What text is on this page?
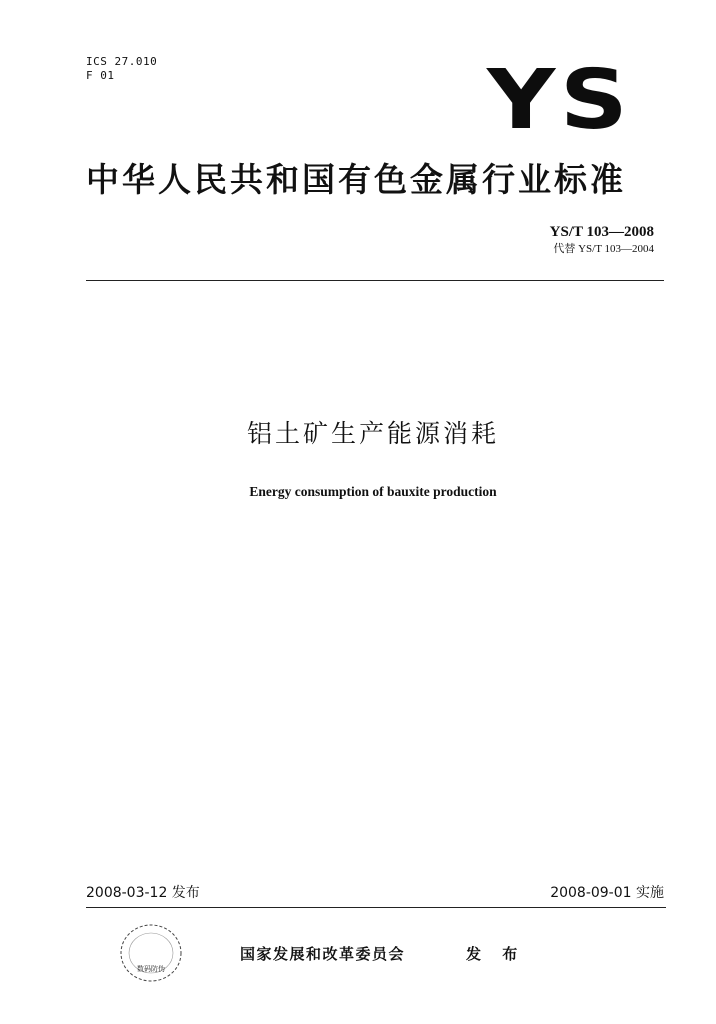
ICS 27.010
F 01	YS
中华人民共和国有色金属行业标准
YS/T 103—2008
代替 YS/T 103—2004
铝土矿生产能源消耗
Energy consumption of bauxite production
2008-03-12 发布	2008-09-01 实施
数码防伪
国家发展和改革委员会	发 布
